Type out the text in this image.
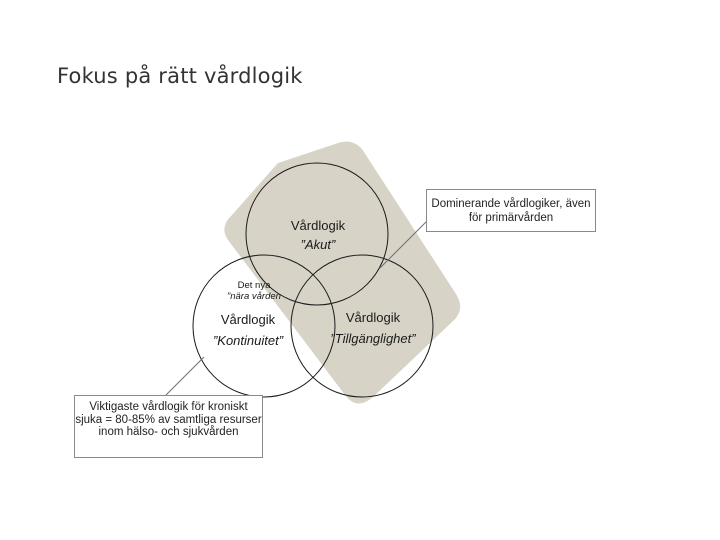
Fokus på rätt vårdlogik
Vårdlogik
”Akut”
Vårdlogik
”Kontinuitet”
Vårdlogik
”Tillgänglighet”
Det nya
”nära vården
Dominerande vårdlogiker, även för primärvården
Viktigaste vårdlogik för kroniskt sjuka = 80-85% av samtliga resurser inom hälso- och sjukvården
